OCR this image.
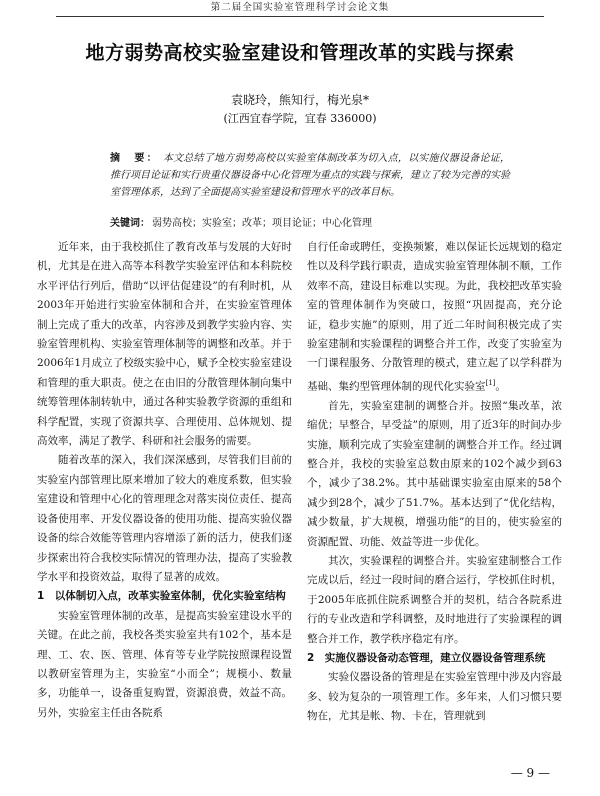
第二届全国实验室管理科学讨会论文集
地方弱势高校实验室建设和管理改革的实践与探索
袁晓玲，熊知行，梅光泉*
(江西宜春学院，宜春 336000)
摘　要： 本文总结了地方弱势高校以实验室体制改革为切入点，以实施仪器设备论证，推行项目论证和实行贵重仪器设备中心化管理为重点的实践与探索，建立了较为完善的实验室管理体系，达到了全面提高实验室建设和管理水平的改革目标。
关键词： 弱势高校；实验室；改革；项目论证；中心化管理

近年来，由于我校抓住了教育改革与发展的大好时机，尤其是在进入高等本科教学实验室评估和本科院校水平评估行列后，借助“以评估促建设”的有利时机，从2003年开始进行实验室体制和合并，在实验室管理体制上完成了重大的改革，内容涉及到教学实验内容、实验室管理机构、实验室管理体制等的调整和改革。并于2006年1月成立了校级实验中心，赋予全校实验室建设和管理的重大职责。使之在由旧的分散管理体制向集中统筹管理体制转轨中，通过各种实验教学资源的重组和科学配置，实现了资源共享、合理使用、总体规划、提高效率，满足了教学、科研和社会服务的需要。

随着改革的深入，我们深深感到，尽管我们目前的实验室内部管理比原来增加了较大的难度系数，但实验室建设和管理中心化的管理理念对落实岗位责任、提高设备使用率、开发仪器设备的使用功能、提高实验仪器设备的综合效能等管理内容增添了新的活力，使我们逐步探索出符合我校实际情况的管理办法，提高了实验教学水平和投资效益，取得了显著的成效。

1　以体制切入点，改革实验室体制，优化实验室结构

实验室管理体制的改革，是提高实验室建设水平的关键。在此之前，我校各类实验室共有102个，基本是理、工、农、医、管理、体育等专业学院按照课程设置以教研室管理为主，实验室“小而全”；规模小、数量多，功能单一，设备重复购置，资源浪费，效益不高。另外，实验室主任由各院系

自行任命或聘任，变换频繁，难以保证长远规划的稳定性以及科学践行职责，造成实验室管理体制不顺，工作效率不高，建设目标难以实现。为此，我校把改革实验室的管理体制作为突破口，按照“巩固提高，充分论证，稳步实施”的原则，用了近二年时间积极完成了实验室建制和实验课程的调整合并工作，改变了实验室为一门课程服务、分散管理的模式，建立起了以学科群为基础、集约型管理体制的现代化实验室[1]。

首先，实验室建制的调整合并。按照“集改革，浓缩优；早整合，早受益”的原则，用了近3年的时间办步实施，顺利完成了实验室建制的调整合并工作。经过调整合并，我校的实验室总数由原来的102个减少到63个，减少了38.2%。其中基础课实验室由原来的58个减少到28个，减少了51.7%。基本达到了“优化结构，减少数量，扩大规模，增强功能”的目的，使实验室的资源配置、功能、效益等进一步优化。

其次，实验课程的调整合并。实验室建制整合工作完成以后，经过一段时间的磨合运行，学校抓住时机，于2005年底抓住院系调整合并的契机，结合各院系进行的专业改造和学科调整，及时地进行了实验课程的调整合并工作，教学秩序稳定有序。

2　实施仪器设备动态管理，建立仪器设备管理系统

实验仪器设备的管理是在实验室管理中涉及内容最多、较为复杂的一项管理工作。多年来，人们习惯只要物在，尤其是帐、物、卡在，管理就到

— 9 —
